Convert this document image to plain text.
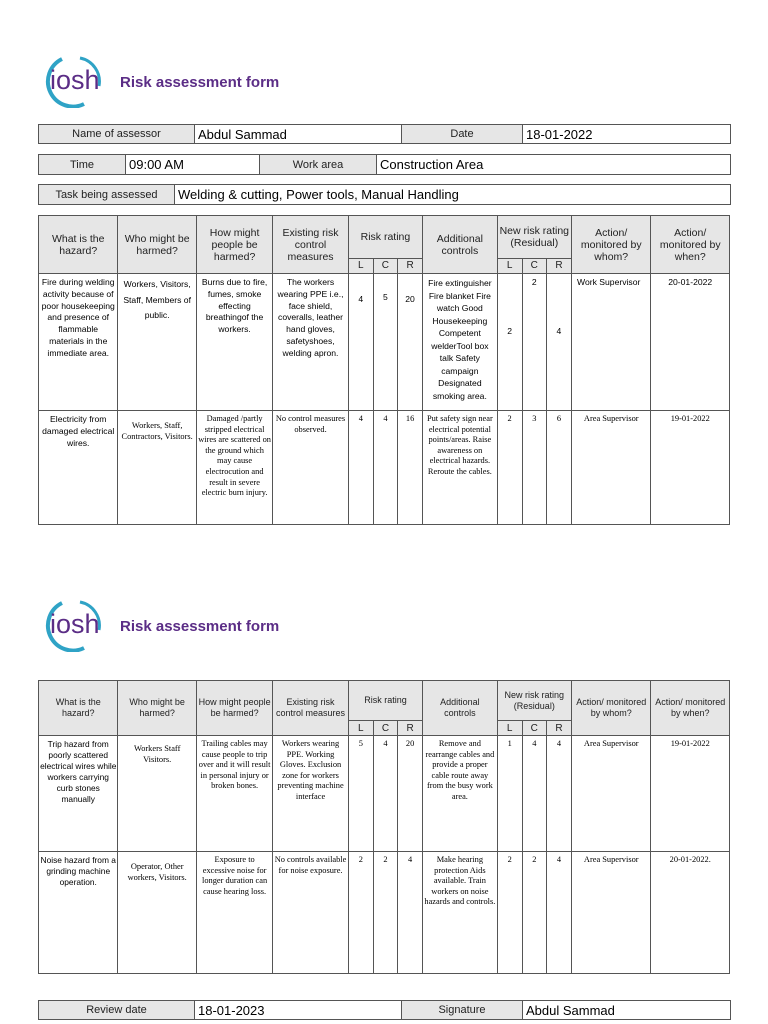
iosh Risk assessment form
Name of assessor	Abdul Sammad	Date	18-01-2022
Time	09:00 AM	Work area	Construction Area
Task being assessed	Welding & cutting, Power tools, Manual Handling
What is the hazard?	Who might be harmed?	How might people be harmed?	Existing risk control measures	Risk rating			Additional controls	New risk rating (Residual)			Action/ monitored by whom?	Action/ monitored by when?
				L	C	R		L	C	R		
Fire during welding activity because of poor housekeeping and presence of flammable materials in the immediate area.	Workers, Visitors, Staff, Members of public.	Burns due to fire, fumes, smoke effecting breathingof the workers.	The workers wearing PPE i.e., face shield, coveralls, leather hand gloves, safetyshoes, welding apron.	4	5	20	Fire extinguisher Fire blanket Fire watch Good Housekeeping Competent welderTool box talk Safety campaign Designated smoking area.	2	2	4	Work Supervisor	20-01-2022
Electricity from damaged electrical wires.	Workers, Staff, Contractors, Visitors.	Damaged /partly stripped electrical wires are scattered on the ground which may cause electrocution and result in severe electric burn injury.	No control measures observed.	4	4	16	Put safety sign near electrical potential points/areas. Raise awareness on electrical hazards. Reroute the cables.	2	3	6	Area Supervisor	19-01-2022
iosh Risk assessment form
What is the hazard?	Who might be harmed?	How might people be harmed?	Existing risk control measures	Risk rating			Additional controls	New risk rating (Residual)			Action/ monitored by whom?	Action/ monitored by when?
				L	C	R		L	C	R		
Trip hazard from poorly scattered electrical wires while workers carrying curb stones manually	Workers Staff Visitors.	Trailing cables may cause people to trip over and it will result in personal injury or broken bones.	Workers wearing PPE. Working Gloves. Exclusion zone for workers preventing machine interface	5	4	20	Remove and rearrange cables and provide a proper cable route away from the busy work area.	1	4	4	Area Supervisor	19-01-2022
Noise hazard from a grinding machine operation.	Operator, Other workers, Visitors.	Exposure to excessive noise for longer duration can cause hearing loss.	No controls available for noise exposure.	2	2	4	Make hearing protection Aids available. Train workers on noise hazards and controls.	2	2	4	Area Supervisor	20-01-2022.
Review date	18-01-2023	Signature	Abdul Sammad
